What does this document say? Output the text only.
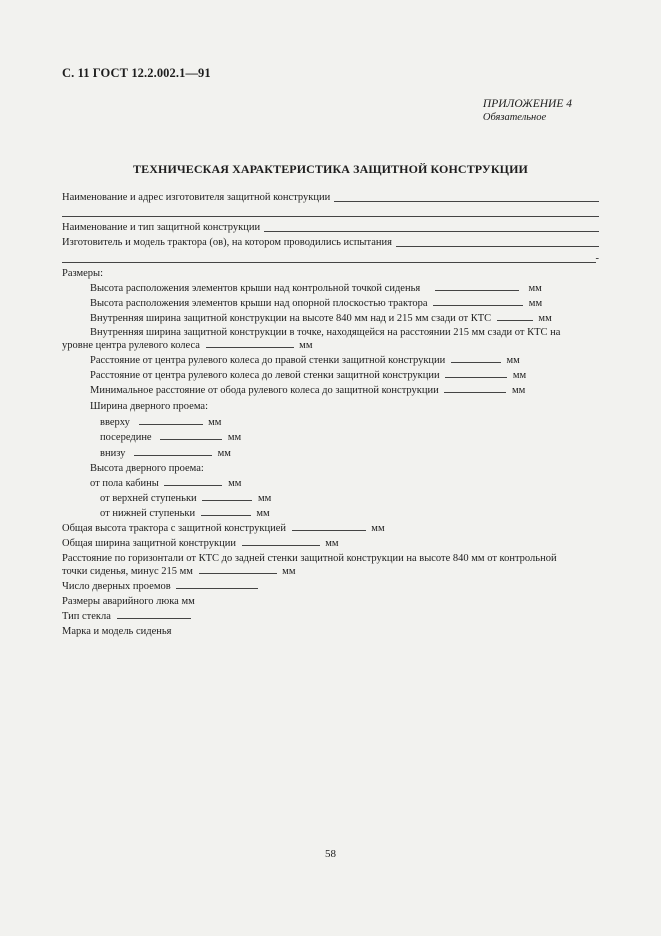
С. 11 ГОСТ 12.2.002.1—91
ПРИЛОЖЕНИЕ 4
Обязательное
ТЕХНИЧЕСКАЯ ХАРАКТЕРИСТИКА ЗАЩИТНОЙ КОНСТРУКЦИИ
Наименование и адрес изготовителя защитной конструкции
Наименование и тип защитной конструкции
Изготовитель и модель трактора (ов), на котором проводились испытания
-
Размеры:
Высота расположения элементов крыши над контрольной точкой сиденья	мм
Высота расположения элементов крыши над опорной плоскостью трактора	мм
Внутренняя ширина защитной конструкции на высоте 840 мм над и 215 мм сзади от КТС	мм
Внутренняя ширина защитной конструкции в точке, находящейся на расстоянии 215 мм сзади от КТС на
уровне центра рулевого колеса	мм
Расстояние от центра рулевого колеса до правой стенки защитной конструкции	мм
Расстояние от центра рулевого колеса до левой стенки защитной конструкции	мм
Минимальное расстояние от обода рулевого колеса до защитной конструкции	мм
Ширина дверного проема:
вверху	мм
посередине	мм
внизу	мм
Высота дверного проема:
от пола кабины	мм
от верхней ступеньки	мм
от нижней ступеньки	мм
Общая высота трактора с защитной конструкцией	мм
Общая ширина защитной конструкции	мм
Расстояние по горизонтали от КТС до задней стенки защитной конструкции на высоте 840 мм от контрольной
точки сиденья, минус 215 мм	мм
Число дверных проемов
Размеры аварийного люка мм
Тип стекла
Марка и модель сиденья
58
